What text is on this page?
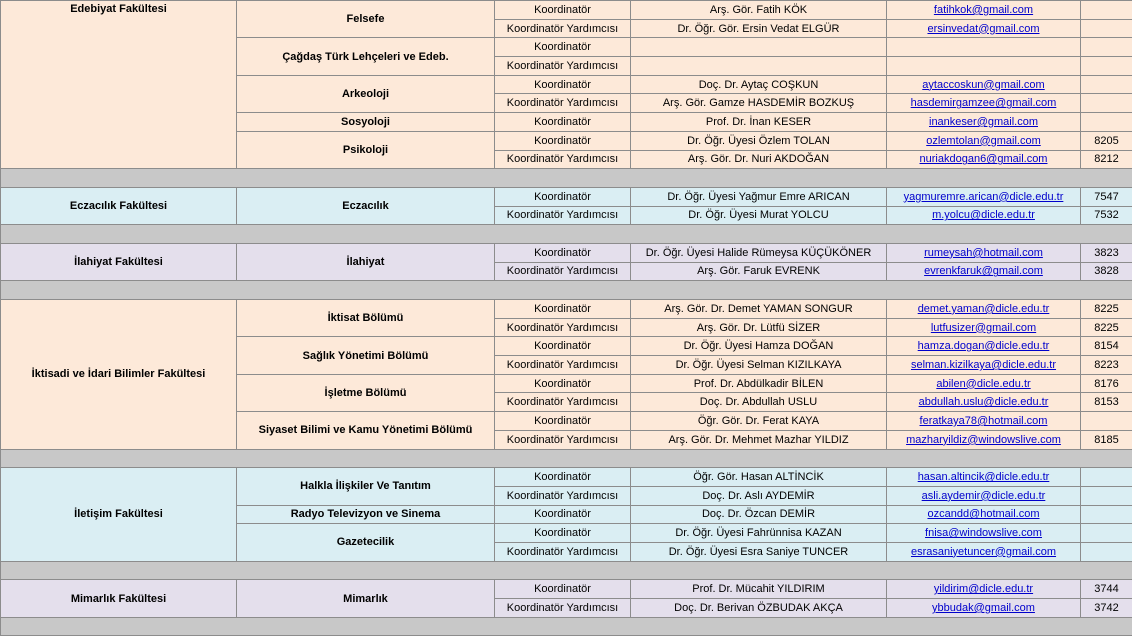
Edebiyat Fakültesi	Felsefe	Koordinatör	Arş. Gör. Fatih KÖK	fatihkok@gmail.com	
		Koordinatör Yardımcısı	Dr. Öğr. Gör. Ersin Vedat ELGÜR	ersinvedat@gmail.com	
	Çağdaş Türk Lehçeleri ve Edeb.	Koordinatör			
		Koordinatör Yardımcısı			
	Arkeoloji	Koordinatör	Doç. Dr. Aytaç COŞKUN	aytaccoskun@gmail.com	
		Koordinatör Yardımcısı	Arş. Gör. Gamze HASDEMİR BOZKUŞ	hasdemirgamzee@gmail.com	
	Sosyoloji	Koordinatör	Prof. Dr. İnan KESER	inankeser@gmail.com	
	Psikoloji	Koordinatör	Dr. Öğr. Üyesi Özlem TOLAN	ozlemtolan@gmail.com	8205
		Koordinatör Yardımcısı	Arş. Gör. Dr. Nuri AKDOĞAN	nuriakdogan6@gmail.com	8212

Eczacılık Fakültesi	Eczacılık	Koordinatör	Dr. Öğr. Üyesi Yağmur Emre ARICAN	yagmuremre.arican@dicle.edu.tr	7547
		Koordinatör Yardımcısı	Dr. Öğr. Üyesi Murat YOLCU	m.yolcu@dicle.edu.tr	7532

İlahiyat Fakültesi	İlahiyat	Koordinatör	Dr. Öğr. Üyesi Halide Rümeysa KÜÇÜKÖNER	rumeysah@hotmail.com	3823
		Koordinatör Yardımcısı	Arş. Gör. Faruk EVRENK	evrenkfaruk@gmail.com	3828

İktisadi ve İdari Bilimler Fakültesi	İktisat Bölümü	Koordinatör	Arş. Gör. Dr. Demet YAMAN SONGUR	demet.yaman@dicle.edu.tr	8225
		Koordinatör Yardımcısı	Arş. Gör. Dr. Lütfü SİZER	lutfusizer@gmail.com	8225
	Sağlık Yönetimi Bölümü	Koordinatör	Dr. Öğr. Üyesi Hamza DOĞAN	hamza.dogan@dicle.edu.tr	8154
		Koordinatör Yardımcısı	Dr. Öğr. Üyesi Selman KIZILKAYA	selman.kizilkaya@dicle.edu.tr	8223
	İşletme Bölümü	Koordinatör	Prof. Dr. Abdülkadir BİLEN	abilen@dicle.edu.tr	8176
		Koordinatör Yardımcısı	Doç. Dr. Abdullah USLU	abdullah.uslu@dicle.edu.tr	8153
	Siyaset Bilimi ve Kamu Yönetimi Bölümü	Koordinatör	Öğr. Gör. Dr. Ferat KAYA	feratkaya78@hotmail.com	
		Koordinatör Yardımcısı	Arş. Gör. Dr. Mehmet Mazhar YILDIZ	mazharyildiz@windowslive.com	8185

İletişim Fakültesi	Halkla İlişkiler Ve Tanıtım	Koordinatör	Öğr. Gör. Hasan ALTİNCİK	hasan.altincik@dicle.edu.tr	
		Koordinatör Yardımcısı	Doç. Dr. Aslı AYDEMİR	asli.aydemir@dicle.edu.tr	
	Radyo Televizyon ve Sinema	Koordinatör	Doç. Dr. Özcan DEMİR	ozcandd@hotmail.com	
	Gazetecilik	Koordinatör	Dr. Öğr. Üyesi Fahrünnisa KAZAN	fnisa@windowslive.com	
		Koordinatör Yardımcısı	Dr. Öğr. Üyesi Esra Saniye TUNCER	esrasaniyetuncer@gmail.com	

Mimarlık Fakültesi	Mimarlık	Koordinatör	Prof. Dr. Mücahit YILDIRIM	yildirim@dicle.edu.tr	3744
		Koordinatör Yardımcısı	Doç. Dr. Berivan ÖZBUDAK AKÇA	ybbudak@gmail.com	3742
